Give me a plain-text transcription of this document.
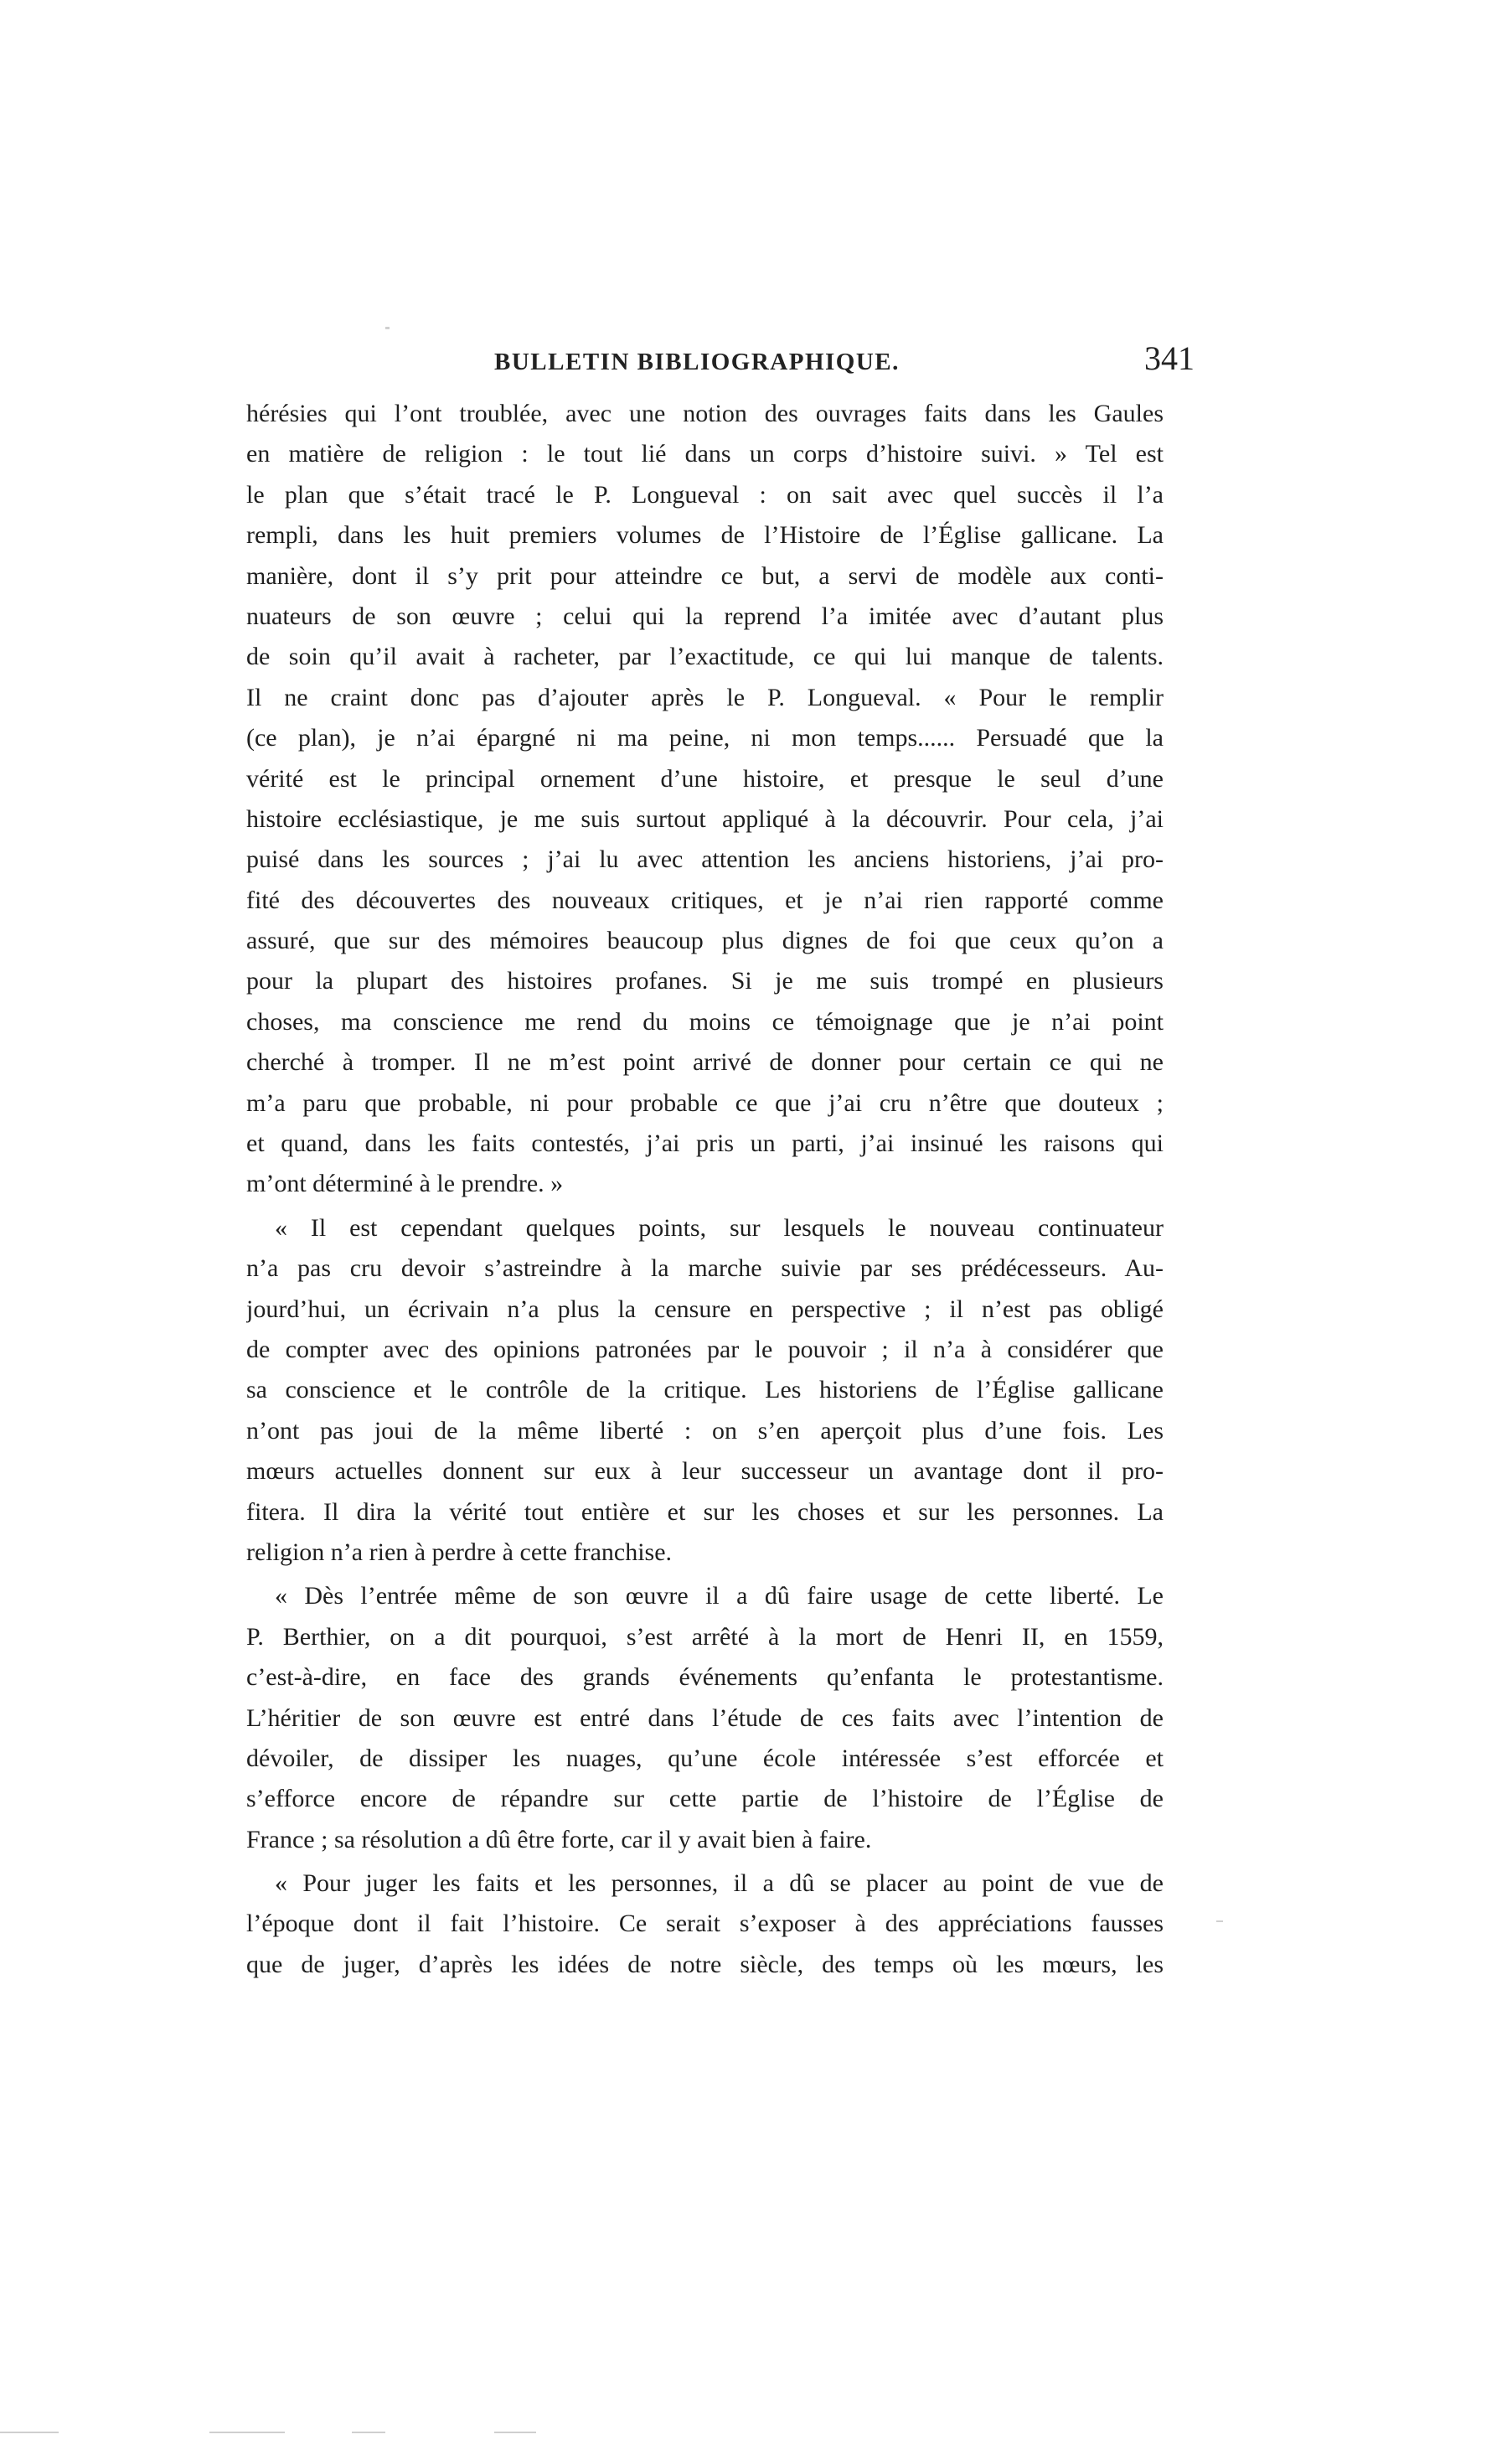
BULLETIN BIBLIOGRAPHIQUE.	341
hérésies qui l’ont troublée, avec une notion des ouvrages faits dans les Gaules
en matière de religion : le tout lié dans un corps d’histoire suivi. » Tel est
le plan que s’était tracé le P. Longueval : on sait avec quel succès il l’a
rempli, dans les huit premiers volumes de l’Histoire de l’Église gallicane. La
manière, dont il s’y prit pour atteindre ce but, a servi de modèle aux conti-
nuateurs de son œuvre ; celui qui la reprend l’a imitée avec d’autant plus
de soin qu’il avait à racheter, par l’exactitude, ce qui lui manque de talents.
Il ne craint donc pas d’ajouter après le P. Longueval. « Pour le remplir
(ce plan), je n’ai épargné ni ma peine, ni mon temps...... Persuadé que la
vérité est le principal ornement d’une histoire, et presque le seul d’une
histoire ecclésiastique, je me suis surtout appliqué à la découvrir. Pour cela, j’ai
puisé dans les sources ; j’ai lu avec attention les anciens historiens, j’ai pro-
fité des découvertes des nouveaux critiques, et je n’ai rien rapporté comme
assuré, que sur des mémoires beaucoup plus dignes de foi que ceux qu’on a
pour la plupart des histoires profanes. Si je me suis trompé en plusieurs
choses, ma conscience me rend du moins ce témoignage que je n’ai point
cherché à tromper. Il ne m’est point arrivé de donner pour certain ce qui ne
m’a paru que probable, ni pour probable ce que j’ai cru n’être que douteux ;
et quand, dans les faits contestés, j’ai pris un parti, j’ai insinué les raisons qui
m’ont déterminé à le prendre. »
« Il est cependant quelques points, sur lesquels le nouveau continuateur
n’a pas cru devoir s’astreindre à la marche suivie par ses prédécesseurs. Au-
jourd’hui, un écrivain n’a plus la censure en perspective ; il n’est pas obligé
de compter avec des opinions patronées par le pouvoir ; il n’a à considérer que
sa conscience et le contrôle de la critique. Les historiens de l’Église gallicane
n’ont pas joui de la même liberté : on s’en aperçoit plus d’une fois. Les
mœurs actuelles donnent sur eux à leur successeur un avantage dont il pro-
fitera. Il dira la vérité tout entière et sur les choses et sur les personnes. La
religion n’a rien à perdre à cette franchise.
« Dès l’entrée même de son œuvre il a dû faire usage de cette liberté. Le
P. Berthier, on a dit pourquoi, s’est arrêté à la mort de Henri II, en 1559,
c’est-à-dire, en face des grands événements qu’enfanta le protestantisme.
L’héritier de son œuvre est entré dans l’étude de ces faits avec l’intention de
dévoiler, de dissiper les nuages, qu’une école intéressée s’est efforcée et
s’efforce encore de répandre sur cette partie de l’histoire de l’Église de
France ; sa résolution a dû être forte, car il y avait bien à faire.
« Pour juger les faits et les personnes, il a dû se placer au point de vue de
l’époque dont il fait l’histoire. Ce serait s’exposer à des appréciations fausses
que de juger, d’après les idées de notre siècle, des temps où les mœurs, les
